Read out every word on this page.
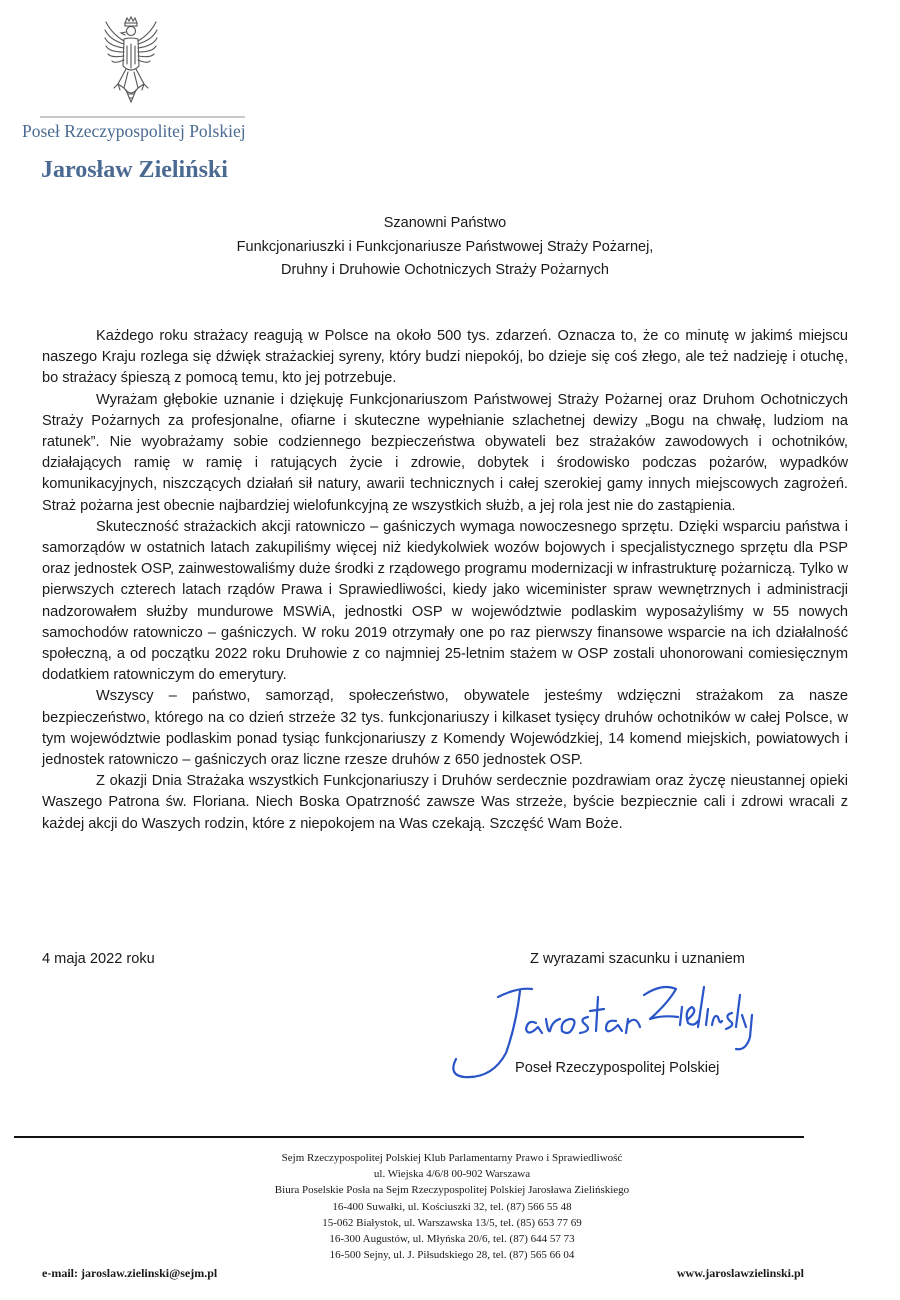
Poseł Rzeczypospolitej Polskiej
Jarosław Zieliński
Szanowni Państwo
Funkcjonariuszki i Funkcjonariusze Państwowej Straży Pożarnej,
Druhny i Druhowie Ochotniczych Straży Pożarnych

Każdego roku strażacy reagują w Polsce na około 500 tys. zdarzeń. Oznacza to, że co minutę w jakimś miejscu naszego Kraju rozlega się dźwięk strażackiej syreny, który budzi niepokój, bo dzieje się coś złego, ale też nadzieję i otuchę, bo strażacy śpieszą z pomocą temu, kto jej potrzebuje.

Wyrażam głębokie uznanie i dziękuję Funkcjonariuszom Państwowej Straży Pożarnej oraz Druhom Ochotniczych Straży Pożarnych za profesjonalne, ofiarne i skuteczne wypełnianie szlachetnej dewizy „Bogu na chwałę, ludziom na ratunek”. Nie wyobrażamy sobie codziennego bezpieczeństwa obywateli bez strażaków zawodowych i ochotników, działających ramię w ramię i ratujących życie i zdrowie, dobytek i środowisko podczas pożarów, wypadków komunikacyjnych, niszczących działań sił natury, awarii technicznych i całej szerokiej gamy innych miejscowych zagrożeń. Straż pożarna jest obecnie najbardziej wielofunkcyjną ze wszystkich służb, a jej rola jest nie do zastąpienia.

Skuteczność strażackich akcji ratowniczo – gaśniczych wymaga nowoczesnego sprzętu. Dzięki wsparciu państwa i samorządów w ostatnich latach zakupiliśmy więcej niż kiedykolwiek wozów bojowych i specjalistycznego sprzętu dla PSP oraz jednostek OSP, zainwestowaliśmy duże środki z rządowego programu modernizacji w infrastrukturę pożarniczą. Tylko w pierwszych czterech latach rządów Prawa i Sprawiedliwości, kiedy jako wiceminister spraw wewnętrznych i administracji nadzorowałem służby mundurowe MSWiA, jednostki OSP w województwie podlaskim wyposażyliśmy w 55 nowych samochodów ratowniczo – gaśniczych. W roku 2019 otrzymały one po raz pierwszy finansowe wsparcie na ich działalność społeczną, a od początku 2022 roku Druhowie z co najmniej 25-letnim stażem w OSP zostali uhonorowani comiesięcznym dodatkiem ratowniczym do emerytury.

Wszyscy – państwo, samorząd, społeczeństwo, obywatele jesteśmy wdzięczni strażakom za nasze bezpieczeństwo, którego na co dzień strzeże 32 tys. funkcjonariuszy i kilkaset tysięcy druhów ochotników w całej Polsce, w tym województwie podlaskim ponad tysiąc funkcjonariuszy z Komendy Wojewódzkiej, 14 komend miejskich, powiatowych i jednostek ratowniczo – gaśniczych oraz liczne rzesze druhów z 650 jednostek OSP.

Z okazji Dnia Strażaka wszystkich Funkcjonariuszy i Druhów serdecznie pozdrawiam oraz życzę nieustannej opieki Waszego Patrona św. Floriana. Niech Boska Opatrzność zawsze Was strzeże, byście bezpiecznie cali i zdrowi wracali z każdej akcji do Waszych rodzin, które z niepokojem na Was czekają. Szczęść Wam Boże.

4 maja 2022 roku	Z wyrazami szacunku i uznaniem
Poseł Rzeczypospolitej Polskiej
Sejm Rzeczypospolitej Polskiej Klub Parlamentarny Prawo i Sprawiedliwość
ul. Wiejska 4/6/8 00-902 Warszawa
Biura Poselskie Posła na Sejm Rzeczypospolitej Polskiej Jarosława Zielińskiego
16-400 Suwałki, ul. Kościuszki 32, tel. (87) 566 55 48
15-062 Białystok, ul. Warszawska 13/5, tel. (85) 653 77 69
16-300 Augustów, ul. Młyńska 20/6, tel. (87) 644 57 73
16-500 Sejny, ul. J. Piłsudskiego 28, tel. (87) 565 66 04
e-mail: jaroslaw.zielinski@sejm.pl	www.jaroslawzielinski.pl
